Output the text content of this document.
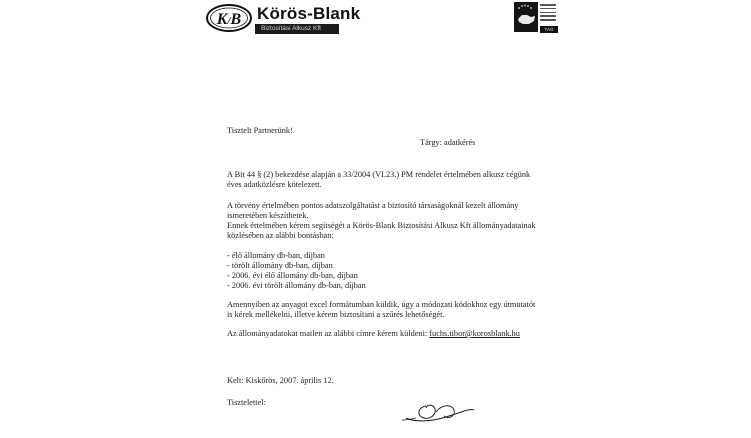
K/B Körös-Blank
Biztosítási Alkusz Kft	TAG
Tisztelt Partnerünk!
Tárgy: adatkérés
A Bit 44 § (2) bekezdése alapján a 33/2004 (VI.23.) PM rendelet értelmében alkusz cégünk
éves adatközlésre kötelezett.
A törvény értelmében pontos adatszolgáltatást a biztosító társaságoknál kezelt állomány
ismeretében készíthetek.
Ennek értelmében kérem segítségét a Körös-Blank Biztosítási Alkusz Kft állományadatainak
közlésében az alábbi bontásban:
- élő állomány db-ban, díjban
- törölt állomány db-ban, díjban
- 2006. évi élő állomány db-ban, díjban
- 2006. évi törölt állomány db-ban, díjban
Amennyiben az anyagot excel formátumban küldik, úgy a módozati kódokhoz egy útmutatót
is kérek mellékelni, illetve kérem biztosítani a szűrés lehetőségét.
Az állományadatokat mailen az alábbi címre kérem küldeni: fuchs.tibor@korosblank.hu
Kelt: Kiskőrös, 2007. április 12.
Tisztelettel:
